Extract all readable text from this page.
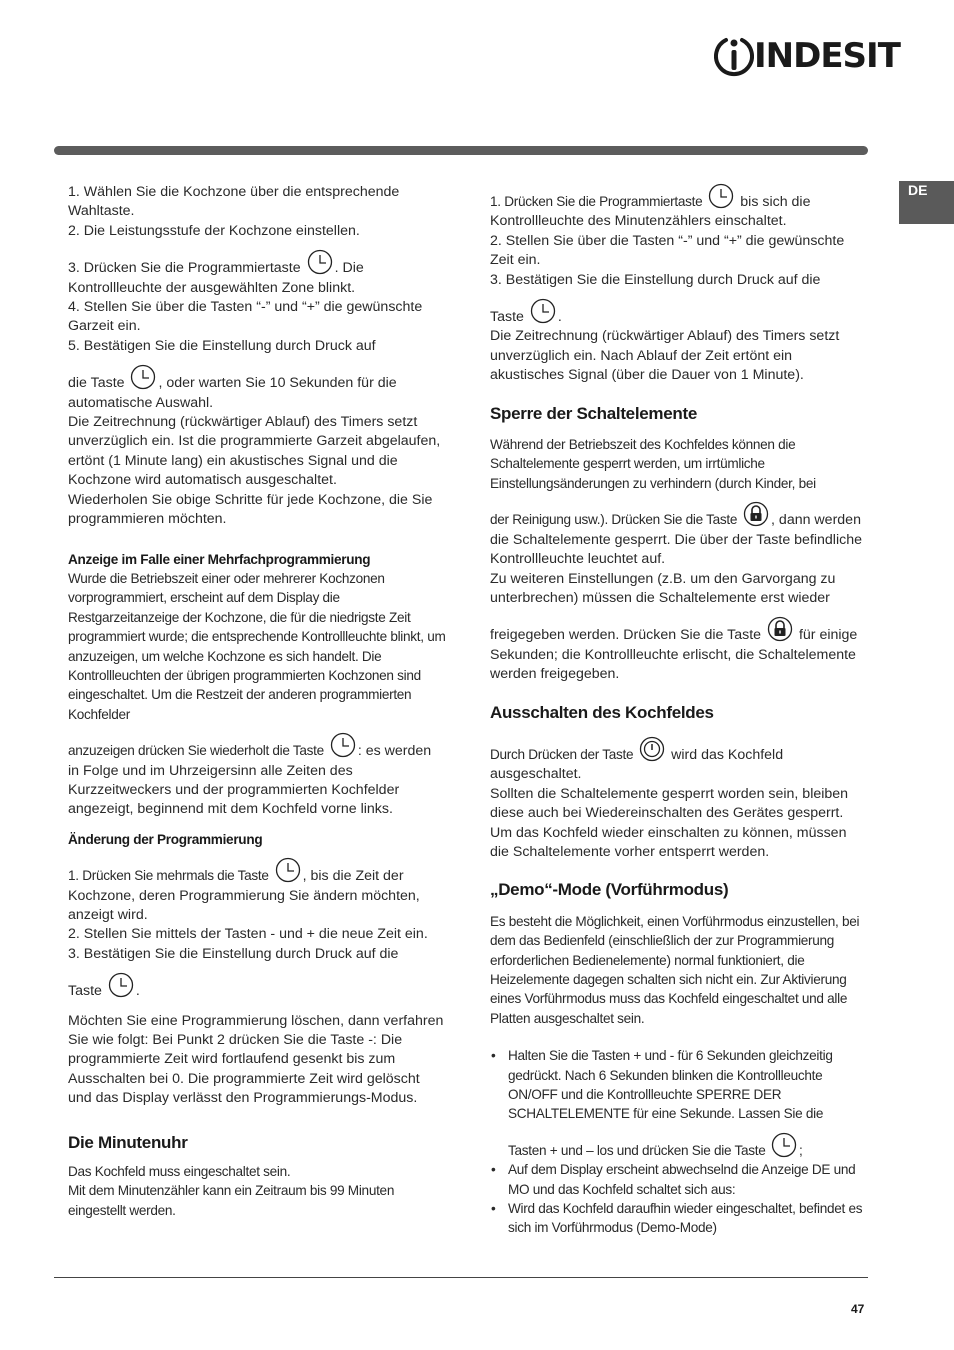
INDESIT
DE

1. Wählen Sie die Kochzone über die entsprechende Wahltaste.

2. Die Leistungsstufe der Kochzone einstellen.

3. Drücken Sie die Programmiertaste . Die Kontrollleuchte der ausgewählten Zone blinkt.

4. Stellen Sie über die Tasten “-” und “+” die gewünschte Garzeit ein.

5. Bestätigen Sie die Einstellung durch Druck auf

die Taste , oder warten Sie 10 Sekunden für die automatische Auswahl.

Die Zeitrechnung (rückwärtiger Ablauf) des Timers setzt unverzüglich ein. Ist die programmierte Garzeit abgelaufen, ertönt (1 Minute lang) ein akustisches Signal und die Kochzone wird automatisch ausgeschaltet.

Wiederholen Sie obige Schritte für jede Kochzone, die Sie programmieren möchten.

Anzeige im Falle einer Mehrfachprogrammierung

Wurde die Betriebszeit einer oder mehrerer Kochzonen vorprogrammiert, erscheint auf dem Display die Restgarzeitanzeige der Kochzone, die für die niedrigste Zeit programmiert wurde; die entsprechende Kontrollleuchte blinkt, um anzuzeigen, um welche Kochzone es sich handelt. Die Kontrollleuchten der übrigen programmierten Kochzonen sind eingeschaltet. Um die Restzeit der anderen programmierten Kochfelder

anzuzeigen drücken Sie wiederholt die Taste : es werden in Folge und im Uhrzeigersinn alle Zeiten des Kurzzeitweckers und der programmierten Kochfelder angezeigt, beginnend mit dem Kochfeld vorne links.

Änderung der Programmierung

1. Drücken Sie mehrmals die Taste , bis die Zeit der Kochzone, deren Programmierung Sie ändern möchten, anzeigt wird.

2. Stellen Sie mittels der Tasten - und + die neue Zeit ein.

3. Bestätigen Sie die Einstellung durch Druck auf die

Taste .

Möchten Sie eine Programmierung löschen, dann verfahren Sie wie folgt: Bei Punkt 2 drücken Sie die Taste -: Die programmierte Zeit wird fortlaufend gesenkt bis zum Ausschalten bei 0. Die programmierte Zeit wird gelöscht und das Display verlässt den Programmierungs-Modus.

Die Minutenuhr

Das Kochfeld muss eingeschaltet sein.
Mit dem Minutenzähler kann ein Zeitraum bis 99 Minuten eingestellt werden.

1. Drücken Sie die Programmiertaste	bis sich die Kontrollleuchte des Minutenzählers einschaltet.

2. Stellen Sie über die Tasten “-” und “+” die gewünschte Zeit ein.

3. Bestätigen Sie die Einstellung durch Druck auf die

Taste .

Die Zeitrechnung (rückwärtiger Ablauf) des Timers setzt unverzüglich ein. Nach Ablauf der Zeit ertönt ein akustisches Signal (über die Dauer von 1 Minute).

Sperre der Schaltelemente

Während der Betriebszeit des Kochfeldes können die Schaltelemente gesperrt werden, um irrtümliche Einstellungsänderungen zu verhindern (durch Kinder, bei

der Reinigung usw.). Drücken Sie die Taste , dann werden die Schaltelemente gesperrt. Die über der Taste befindliche Kontrollleuchte leuchtet auf.

Zu weiteren Einstellungen (z.B. um den Garvorgang zu unterbrechen) müssen die Schaltelemente erst wieder

freigegeben werden. Drücken Sie die Taste	für einige Sekunden; die Kontrollleuchte erlischt, die Schaltelemente werden freigegeben.

Ausschalten des Kochfeldes

Durch Drücken der Taste	wird das Kochfeld ausgeschaltet.

Sollten die Schaltelemente gesperrt worden sein, bleiben diese auch bei Wiedereinschalten des Gerätes gesperrt. Um das Kochfeld wieder einschalten zu können, müssen die Schaltelemente vorher entsperrt werden.

„Demo“-Mode (Vorführmodus)

Es besteht die Möglichkeit, einen Vorführmodus einzustellen, bei dem das Bedienfeld (einschließlich der zur Programmierung erforderlichen Bedienelemente) normal funktioniert, die Heizelemente dagegen schalten sich nicht ein. Zur Aktivierung eines Vorführmodus muss das Kochfeld eingeschaltet und alle Platten ausgeschaltet sein.

• Halten Sie die Tasten + und - für 6 Sekunden gleichzeitig gedrückt. Nach 6 Sekunden blinken die Kontrollleuchte ON/OFF und die Kontrollleuchte SPERRE DER SCHALTELEMENTE für eine Sekunde. Lassen Sie die
Tasten + und – los und drücken Sie die Taste ;
• Auf dem Display erscheint abwechselnd die Anzeige DE und MO und das Kochfeld schaltet sich aus:
• Wird das Kochfeld daraufhin wieder eingeschaltet, befindet es sich im Vorführmodus (Demo-Mode)
47
